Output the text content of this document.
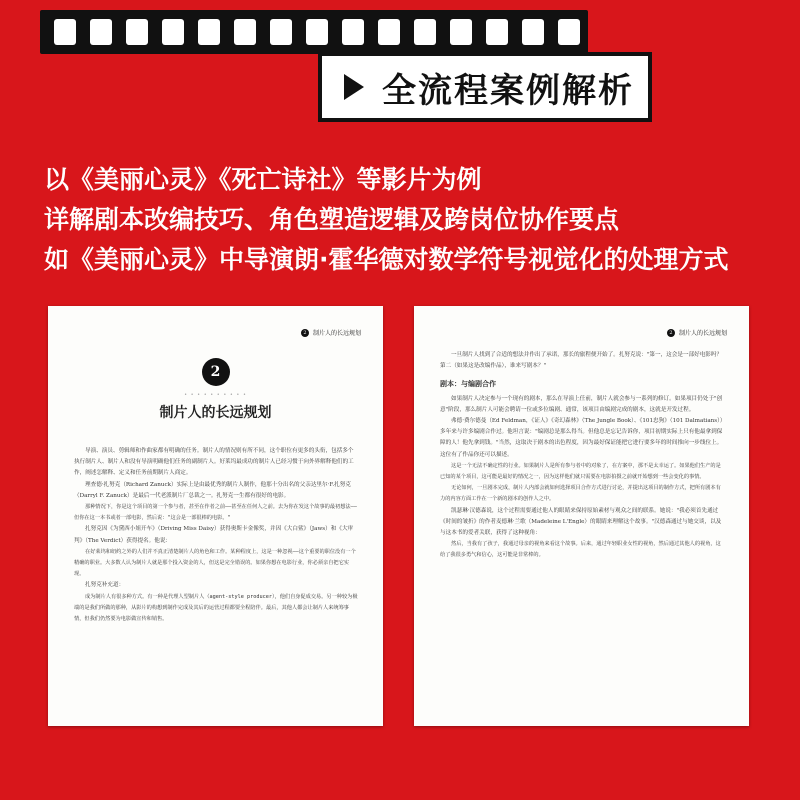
全流程案例解析
以《美丽心灵》《死亡诗社》等影片为例
详解剧本改编技巧、角色塑造逻辑及跨岗位协作要点
如《美丽心灵》中导演朗·霍华德对数学符号视觉化的处理方式
2	制片人的长远规划
2
• • • • • • • • • •
制片人的长远规划

导演、演员、剪辑师和作曲家都有明确的任务。制片人的情况则有所不同，这个职位有更多的头衔，包括多个执行制片人、制片人和没有导演明确他们任务的副制片人。好莱坞最成功的制片人已经习惯于向外界解释他们的工作，阐述怎解释、定义和任务前期制片人商定。

理查德·扎努克（Richard Zanuck）实际上是由最优秀的制片人制作，他那十分出名的父亲达里尔·F.扎努克（Darryl F. Zanuck）是最后一代老派制片厂总裁之一。扎努克一生都有很好的电影。

那种情况下，你是这个项目的第一个参与者，甚至在作者之前——甚至在任何人之前。去为你在发这个故事的最初想法——但你在这一本书或者一部电影，然后说："这会是一部很棒的电影。"

扎努克因《为黛西小姐开车》（Driving Miss Daisy）获得奥斯卡金像奖，并因《大白鲨》（Jaws）和《大审判》（The Verdict）获得提名。他说：

在好莱坞和纽约之外的人们并不真正清楚制片人的角色和工作。某种程度上，这是一种忽视——这个重要的职位没有一个精确的职业。大多数人认为制片人就是那个投入资金的人，但这是完全错误的。如果你想在电影行业，你必须亲自把它实现。

扎努克补充道：

成为制片人有很多种方式。有一种是代理人型制片人（agent-style producer），他们自身促成交易。另一种较为极端的是我们所做的那种，从影片的构想到制作完成及其后的运营过程都要全程陪伴。最后，其他人都会让制片人来统筹事情，但我们仍然要为电影做宣传和销售。

2	制片人的长远规划

一旦制片人找到了合适的想法并作出了承诺，那长的旅程便开始了。扎努克说："第一，这会是一部好电影吗？第二（如果这是改编作品），谁来写剧本？"

剧本：与编剧合作

如果制片人决定参与一个现有的剧本，那么在导演上任前，制片人就会参与一系列的修订。如果项目仍处于"创意"阶段，那么制片人可能会聘请一位或多位编剧、通常，该项目由编剧完成的剧本，这就是开发过程。

弗德·费尔德曼（Ed Feldman，《证人》《奇幻森林》（The Jungle Book）、《101忠狗》（101 Dalmatians））多年来与许多编剧合作过。他坦言说："编剧总是那么得当。但他总是忘记告诉你，项目初期实际上只有他最拿到保障的人！他先拿到钱。"当然，这取决于剧本的出色程度，因为最好保证能把它进行要多年的时间推向一步线位上。这位有了作品你还可以描述。

这是一个无法不确定性的行业。如果制片人是所有参与者中的对象了，在方案中，那不是太幸运了。如果他们生产的是已知的某个项目，这可能是最好的情况之一，因为这样他们就只需要在电影拍摄之前就开始想到一些会变化的事情。

无论如何，一旦剧本完成，制片人内部会就如何选择项目合作方式进行讨论，并提出这项目的制作方式，把所有剧本有力的内容方面工作在一个新的剧本的创作人之中。

凯瑟琳·汉德森说，这个过程需要通过他人的眼睛来保持原始素材与观众之间的联系。她说："我必须首先通过《时间的皱折》的作者麦德琳·兰歌（Madeleine L'Engle）的眼睛来理解这个故事。"汉德森通过与她交谈，以及与这本书的爱者关联，获得了这种视角：

然后，当我有了孩子，我通过母亲的视角来看这个故事。后来，通过年轻职业女性的视角，然后通过其他人的视角，这给了我很多勇气和信心，这可能是非常棒的。
